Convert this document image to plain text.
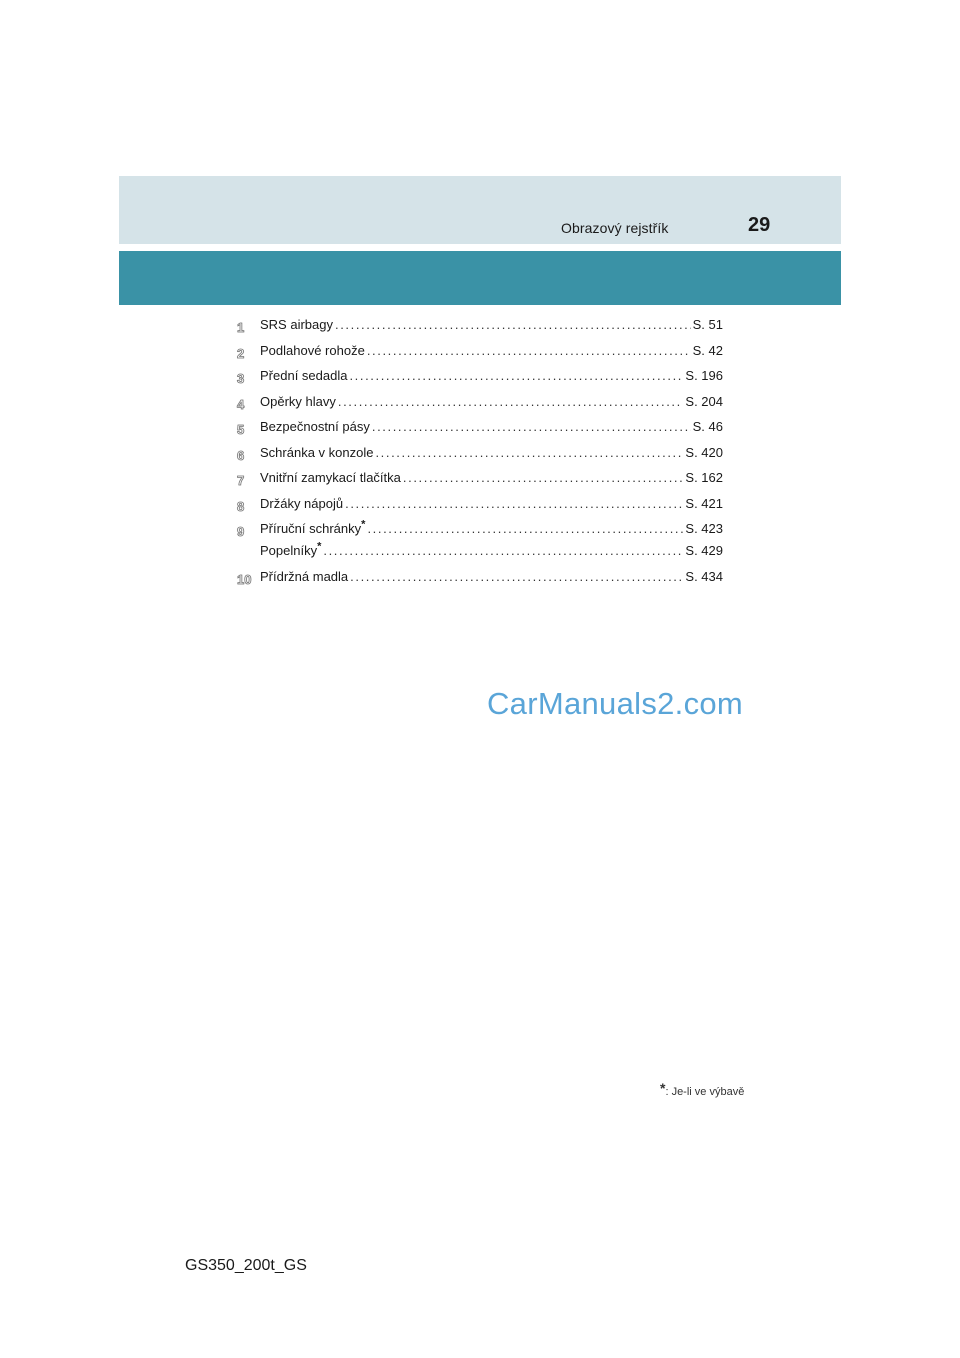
Obrazový rejstřík	29
1 SRS airbagy .....	S. 51
2 Podlahové rohože .....	S. 42
3 Přední sedadla .....	S. 196
4 Opěrky hlavy .....	S. 204
5 Bezpečnostní pásy .....	S. 46
6 Schránka v konzole .....	S. 420
7 Vnitřní zamykací tlačítka .....	S. 162
8 Držáky nápojů .....	S. 421
9 Příruční schránky* .....	S. 423
Popelníky* .....	S. 429
10 Přídržná madla .....	S. 434
CarManuals2.com
*: Je-li ve výbavě
GS350_200t_GS
